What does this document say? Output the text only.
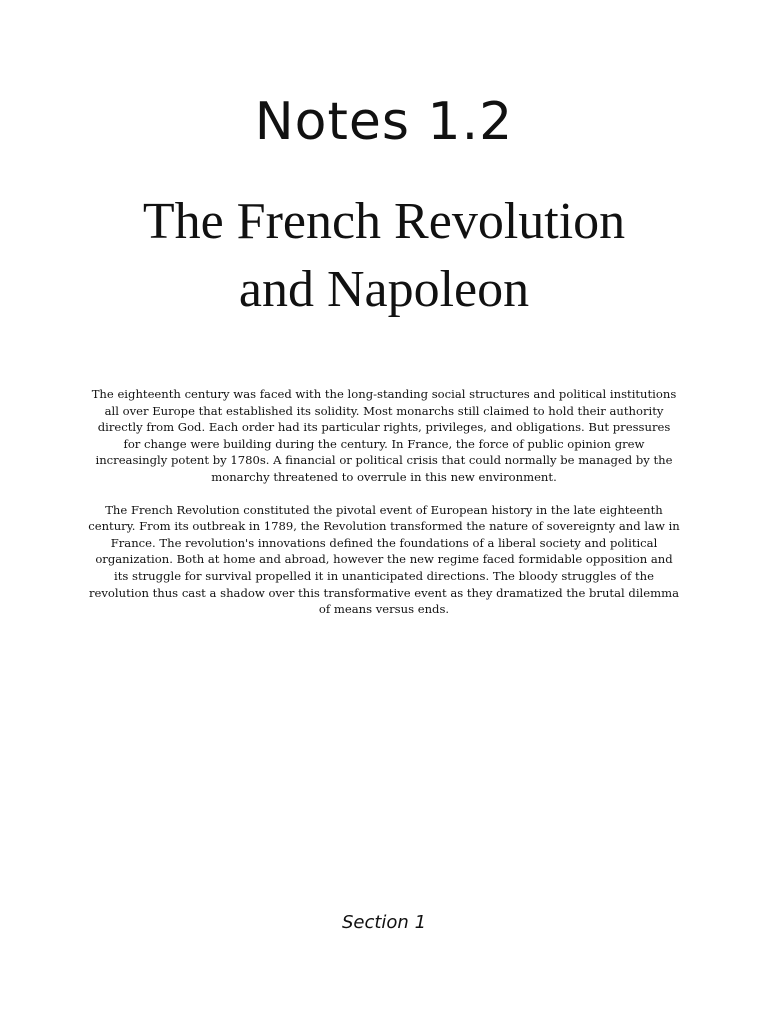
Notes 1.2
The French Revolution
and Napoleon

The eighteenth century was faced with the long-standing social structures and political institutions all over Europe that established its solidity. Most monarchs still claimed to hold their authority directly from God. Each order had its particular rights, privileges, and obligations. But pressures for change were building during the century. In France, the force of public opinion grew increasingly potent by 1780s. A financial or political crisis that could normally be managed by the monarchy threatened to overrule in this new environment.

The French Revolution constituted the pivotal event of European history in the late eighteenth century. From its outbreak in 1789, the Revolution transformed the nature of sovereignty and law in France. The revolution's innovations defined the foundations of a liberal society and political organization. Both at home and abroad, however the new regime faced formidable opposition and its struggle for survival propelled it in unanticipated directions. The bloody struggles of the revolution thus cast a shadow over this transformative event as they dramatized the brutal dilemma of means versus ends.

Section 1
